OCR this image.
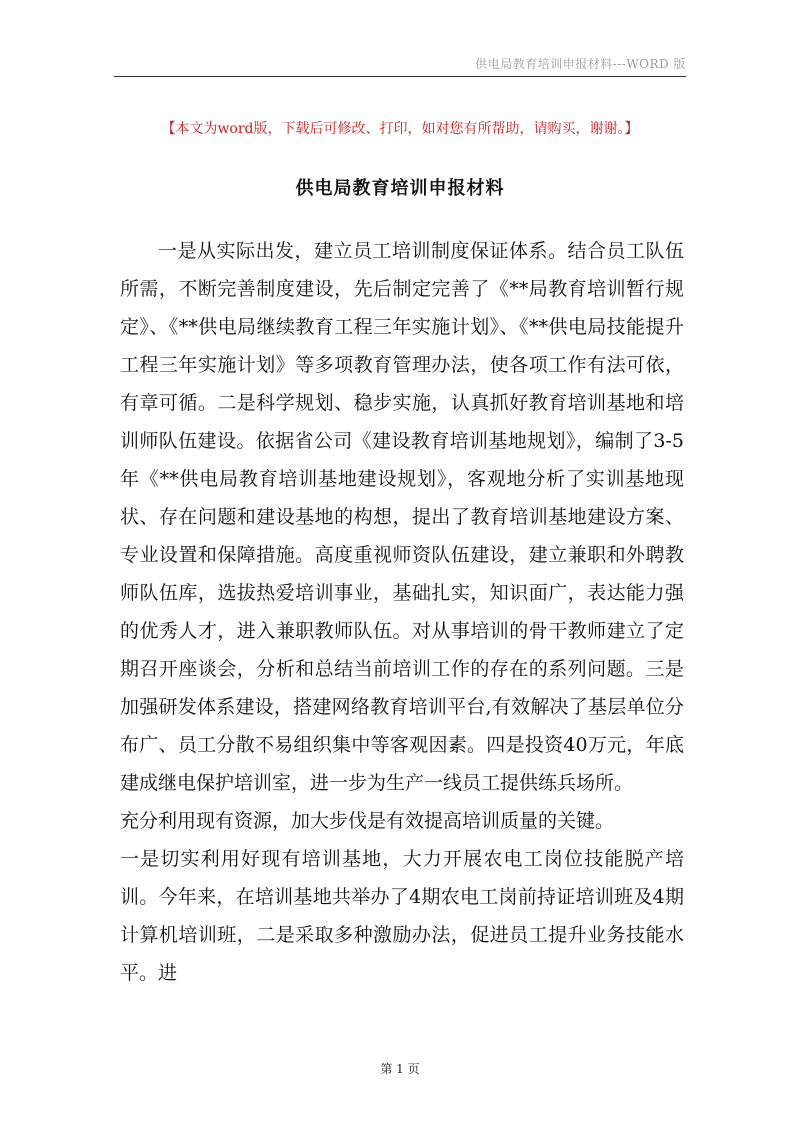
供电局教育培训申报材料---WORD 版
【本文为word版，下载后可修改、打印，如对您有所帮助，请购买，谢谢。】
供电局教育培训申报材料

一是从实际出发，建立员工培训制度保证体系。结合员工队伍所需，不断完善制度建设，先后制定完善了《**局教育培训暂行规定》、《**供电局继续教育工程三年实施计划》、《**供电局技能提升工程三年实施计划》等多项教育管理办法，使各项工作有法可依，有章可循。二是科学规划、稳步实施，认真抓好教育培训基地和培训师队伍建设。依据省公司《建设教育培训基地规划》，编制了3-5年《**供电局教育培训基地建设规划》，客观地分析了实训基地现状、存在问题和建设基地的构想，提出了教育培训基地建设方案、专业设置和保障措施。高度重视师资队伍建设，建立兼职和外聘教师队伍库，选拔热爱培训事业，基础扎实，知识面广，表达能力强的优秀人才，进入兼职教师队伍。对从事培训的骨干教师建立了定期召开座谈会，分析和总结当前培训工作的存在的系列问题。三是加强研发体系建设，搭建网络教育培训平台,有效解决了基层单位分布广、员工分散不易组织集中等客观因素。四是投资40万元，年底建成继电保护培训室，进一步为生产一线员工提供练兵场所。

充分利用现有资源，加大步伐是有效提高培训质量的关键。

一是切实利用好现有培训基地，大力开展农电工岗位技能脱产培训。今年来，在培训基地共举办了4期农电工岗前持证培训班及4期计算机培训班，二是采取多种激励办法，促进员工提升业务技能水平。进

第 1 页
